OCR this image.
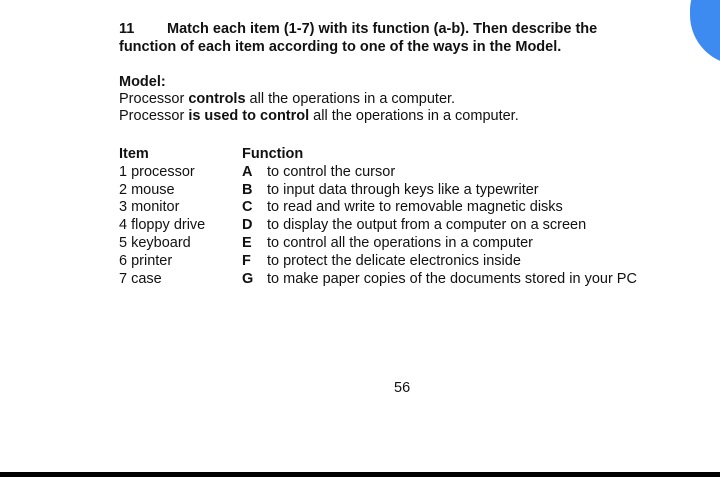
11 Match each item (1-7) with its function (a-b). Then describe the
function of each item according to one of the ways in the Model.
Model:
Processor controls all the operations in a computer.
Processor is used to control all the operations in a computer.
Item	Function
1 processor	A	to control the cursor
2 mouse	B	to input data through keys like a typewriter
3 monitor	C	to read and write to removable magnetic disks
4 floppy drive	D	to display the output from a computer on a screen
5 keyboard	E	to control all the operations in a computer
6 printer	F	to protect the delicate electronics inside
7 case	G to make paper copies of the documents stored in your PC
56
